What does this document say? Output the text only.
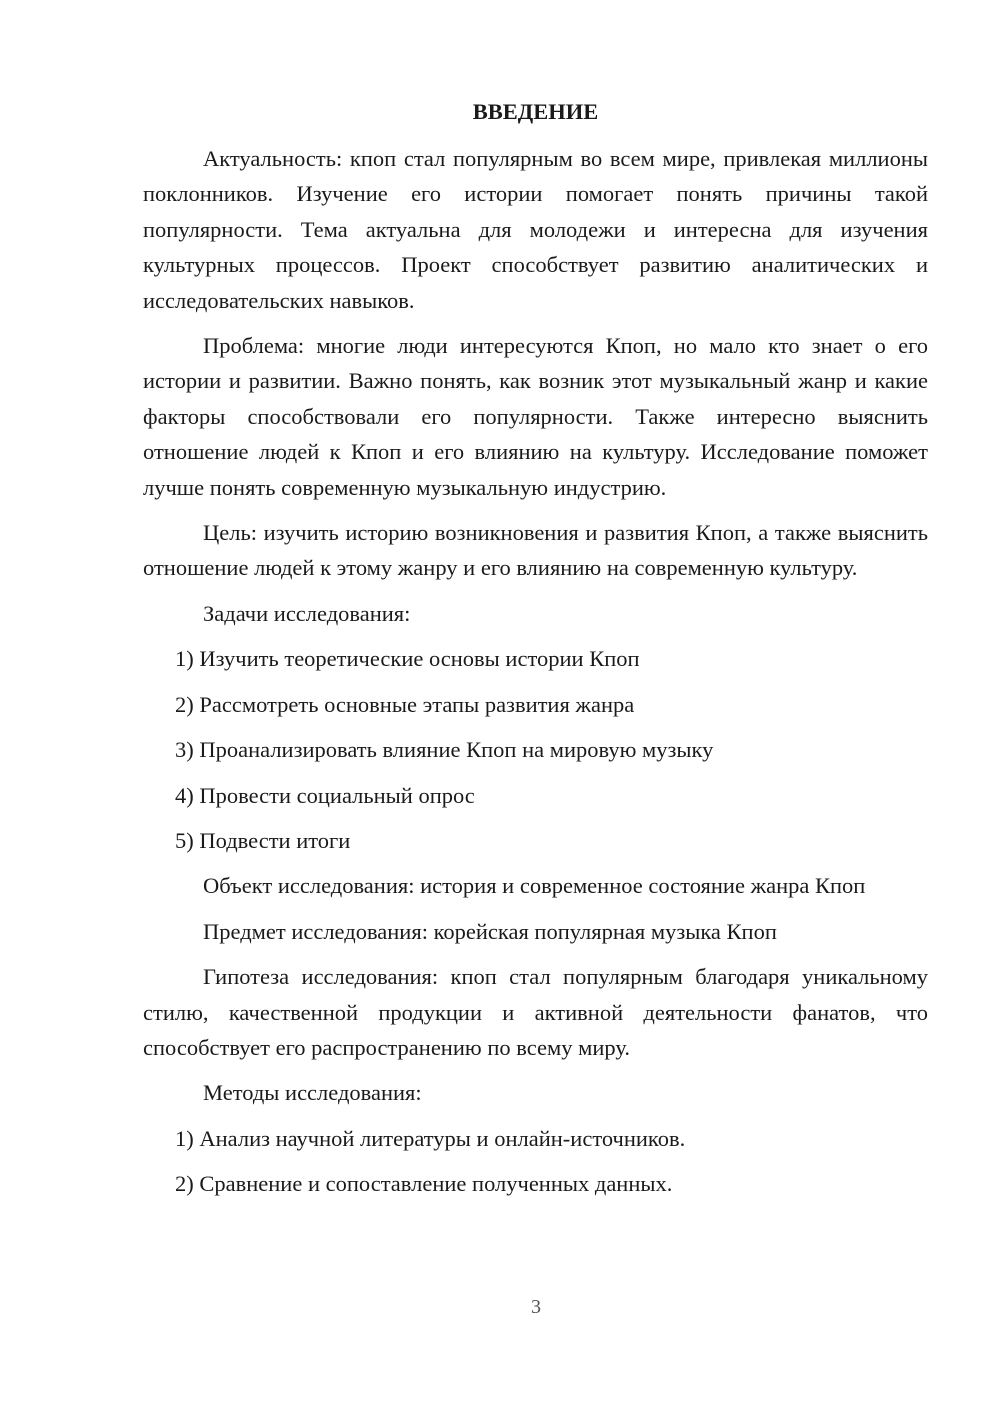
ВВЕДЕНИЕ

Актуальность: кпоп стал популярным во всем мире, привлекая миллионы поклонников. Изучение его истории помогает понять причины такой популярности. Тема актуальна для молодежи и интересна для изучения культурных процессов. Проект способствует развитию аналитических и исследовательских навыков.

Проблема: многие люди интересуются Кпоп, но мало кто знает о его истории и развитии. Важно понять, как возник этот музыкальный жанр и какие факторы способствовали его популярности. Также интересно выяснить отношение людей к Кпоп и его влиянию на культуру. Исследование поможет лучше понять современную музыкальную индустрию.

Цель: изучить историю возникновения и развития Кпоп, а также выяснить отношение людей к этому жанру и его влиянию на современную культуру.

Задачи исследования:

1) Изучить теоретические основы истории Кпоп

2) Рассмотреть основные этапы развития жанра

3) Проанализировать влияние Кпоп на мировую музыку

4) Провести социальный опрос

5) Подвести итоги

Объект исследования: история и современное состояние жанра Кпоп

Предмет исследования: корейская популярная музыка Кпоп

Гипотеза исследования: кпоп стал популярным благодаря уникальному стилю, качественной продукции и активной деятельности фанатов, что способствует его распространению по всему миру.

Методы исследования:

1) Анализ научной литературы и онлайн-источников.

2) Сравнение и сопоставление полученных данных.

3
